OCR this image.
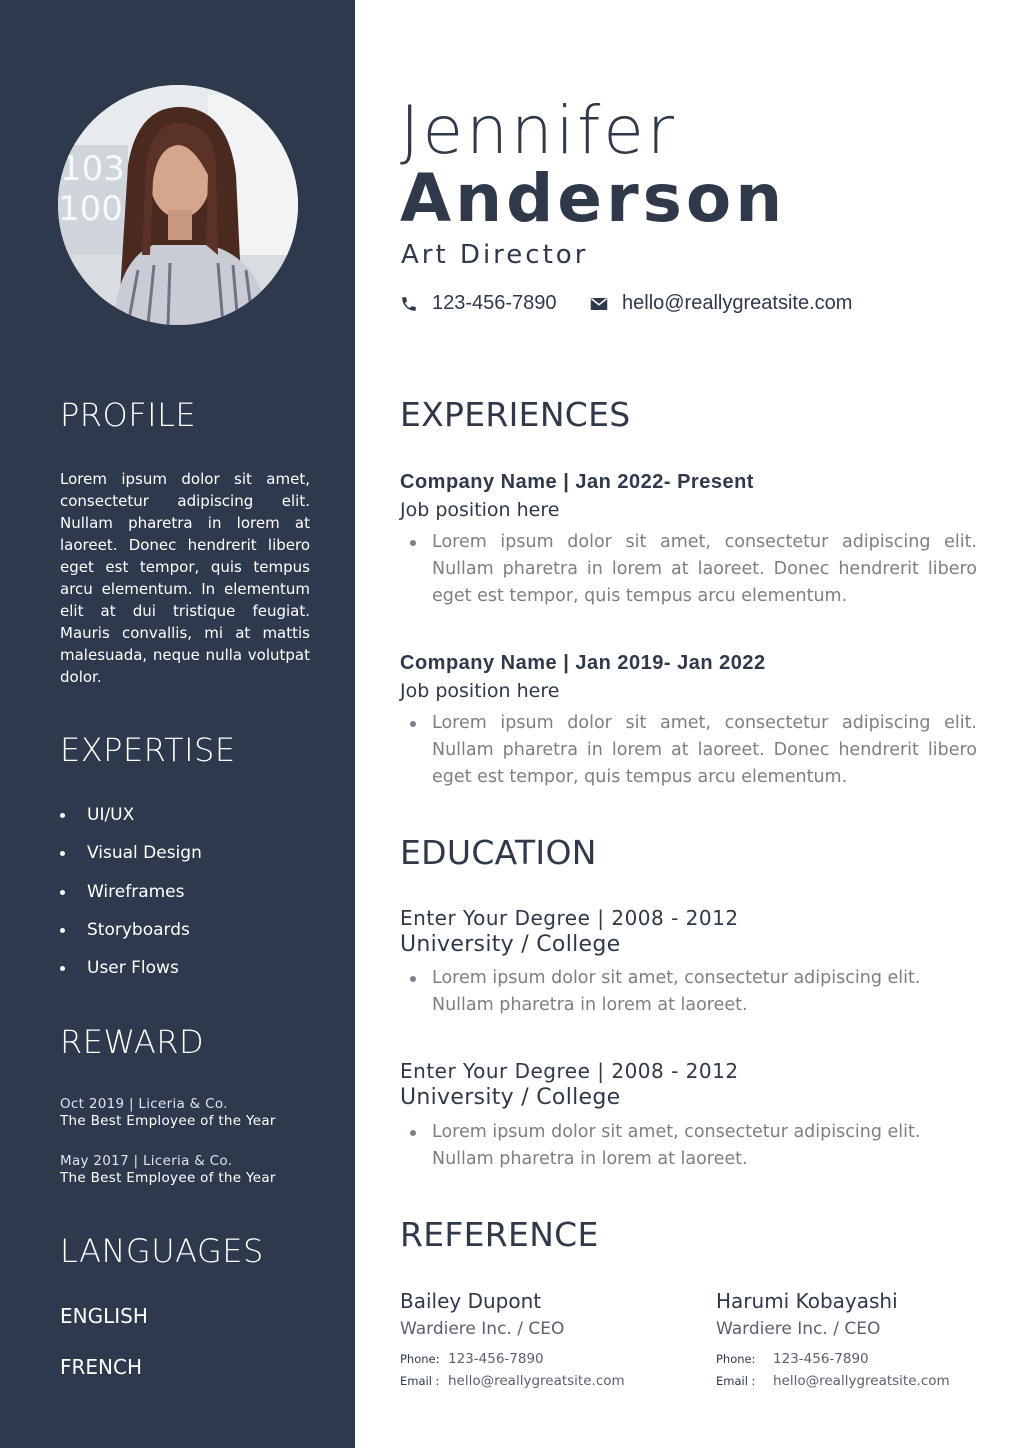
103
100
PROFILE
Lorem ipsum dolor sit amet, consectetur adipiscing elit. Nullam pharetra in lorem at laoreet. Donec hendrerit libero eget est tempor, quis tempus arcu elementum. In elementum elit at dui tristique feugiat. Mauris convallis, mi at mattis malesuada, neque nulla volutpat dolor.
EXPERTISE
UI/UX
Visual Design
Wireframes
Storyboards
User Flows
REWARD
Oct 2019 | Liceria & Co.
The Best Employee of the Year
May 2017 | Liceria & Co.
The Best Employee of the Year
LANGUAGES
ENGLISH
FRENCH
Jennifer
Anderson
Art Director
123-456-7890	hello@reallygreatsite.com
EXPERIENCES
Company Name | Jan 2022- Present
Job position here
Lorem ipsum dolor sit amet, consectetur adipiscing elit. Nullam pharetra in lorem at laoreet. Donec hendrerit libero eget est tempor, quis tempus arcu elementum.
Company Name | Jan 2019- Jan 2022
Job position here
Lorem ipsum dolor sit amet, consectetur adipiscing elit. Nullam pharetra in lorem at laoreet. Donec hendrerit libero eget est tempor, quis tempus arcu elementum.
EDUCATION
Enter Your Degree | 2008 - 2012
University / College
Lorem ipsum dolor sit amet, consectetur adipiscing elit.
Nullam pharetra in lorem at laoreet.
Enter Your Degree | 2008 - 2012
University / College
Lorem ipsum dolor sit amet, consectetur adipiscing elit.
Nullam pharetra in lorem at laoreet.
REFERENCE
Bailey Dupont
Wardiere Inc. / CEO
Phone: 123-456-7890
Email : hello@reallygreatsite.com
Harumi Kobayashi
Wardiere Inc. / CEO
Phone: 123-456-7890
Email : hello@reallygreatsite.com
